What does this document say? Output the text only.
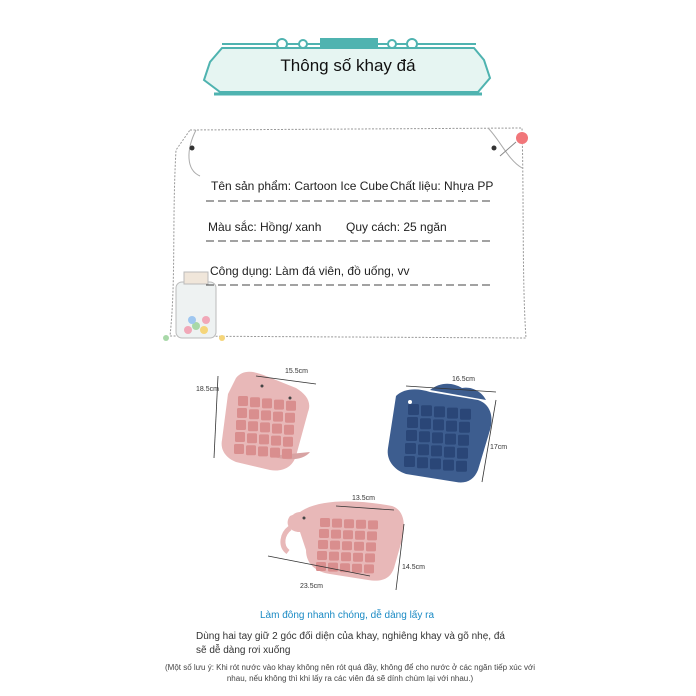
Thông số khay đá
Tên sản phẩm: Cartoon Ice Cube Chất liệu: Nhựa PP
Màu sắc: Hồng/ xanh Quy cách: 25 ngăn
Công dụng: Làm đá viên, đồ uống, vv
15.5cm
18.5cm
16.5cm
17cm
13.5cm
23.5cm
14.5cm
Làm đông nhanh chóng, dễ dàng lấy ra
Dùng hai tay giữ 2 góc đối diện của khay, nghiêng khay và gõ nhẹ, đá sẽ dễ dàng rơi xuống
(Một số lưu ý: Khi rót nước vào khay không nên rót quá đầy, không để cho nước ở các ngăn tiếp xúc với nhau, nếu không thì khi lấy ra các viên đá sẽ dính chùm lại với nhau.)
